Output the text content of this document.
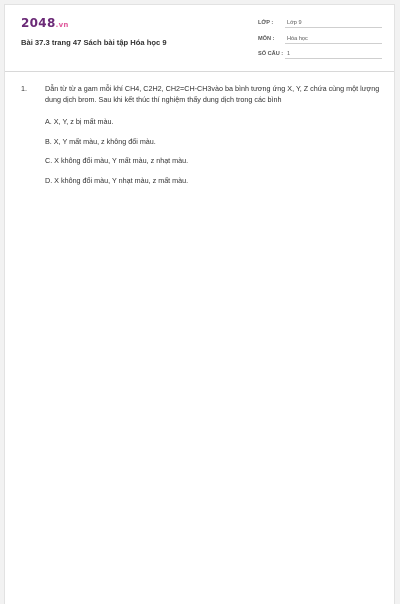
2048.vn
Bài 37.3 trang 47 Sách bài tập Hóa học 9
LỚP :	Lớp 9
MÔN :	Hóa học
SỐ CÂU : 1
1.	Dẫn từ từ a gam mỗi khí CH4, C2H2, CH2=CH-CH3vào ba bình tương ứng X, Y, Z chứa cùng một lượng dung dịch brom. Sau khi kết thúc thí nghiệm thấy dung dịch trong các bình
A. X, Y, z bị mất màu.
B. X, Y mất màu, z không đổi màu.
C. X không đổi màu, Y mất màu, z nhạt màu.
D. X không đổi màu, Y nhạt màu, z mất màu.
